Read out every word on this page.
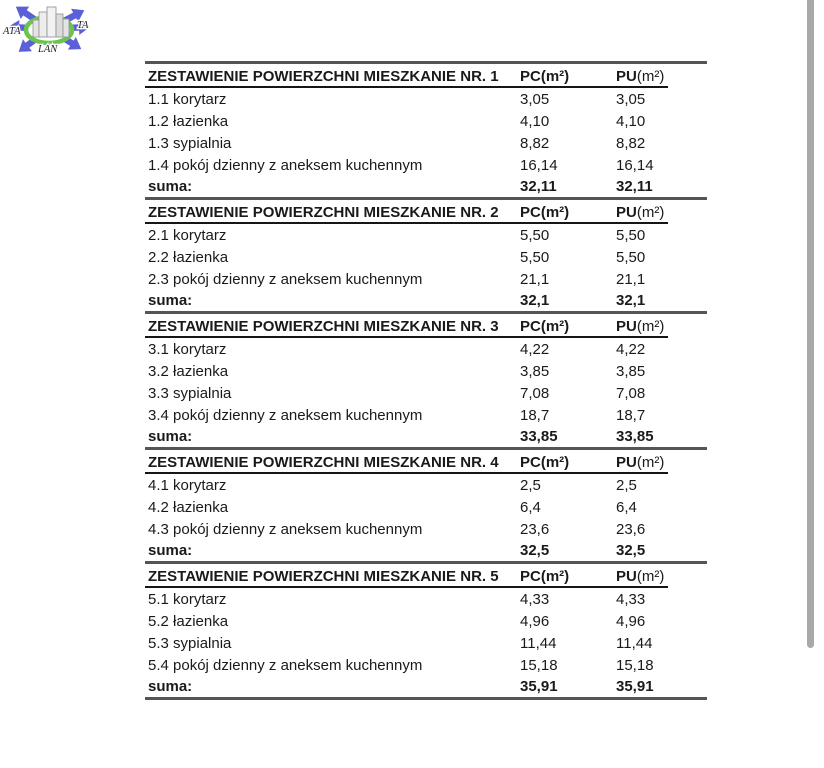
ATA
TA
LAN
ZESTAWIENIE POWIERZCHNI MIESZKANIE NR. 1	PC(m²)	PU(m²)
1.1 korytarz	3,05	3,05
1.2 łazienka	4,10	4,10
1.3 sypialnia	8,82	8,82
1.4 pokój dzienny z aneksem kuchennym	16,14	16,14
suma:	32,11	32,11
ZESTAWIENIE POWIERZCHNI MIESZKANIE NR. 2	PC(m²)	PU(m²)
2.1 korytarz	5,50	5,50
2.2 łazienka	5,50	5,50
2.3 pokój dzienny z aneksem kuchennym	21,1	21,1
suma:	32,1	32,1
ZESTAWIENIE POWIERZCHNI MIESZKANIE NR. 3	PC(m²)	PU(m²)
3.1 korytarz	4,22	4,22
3.2 łazienka	3,85	3,85
3.3 sypialnia	7,08	7,08
3.4 pokój dzienny z aneksem kuchennym	18,7	18,7
suma:	33,85	33,85
ZESTAWIENIE POWIERZCHNI MIESZKANIE NR. 4	PC(m²)	PU(m²)
4.1 korytarz	2,5	2,5
4.2 łazienka	6,4	6,4
4.3 pokój dzienny z aneksem kuchennym	23,6	23,6
suma:	32,5	32,5
ZESTAWIENIE POWIERZCHNI MIESZKANIE NR. 5	PC(m²)	PU(m²)
5.1 korytarz	4,33	4,33
5.2 łazienka	4,96	4,96
5.3 sypialnia	11,44	11,44
5.4 pokój dzienny z aneksem kuchennym	15,18	15,18
suma:	35,91	35,91
